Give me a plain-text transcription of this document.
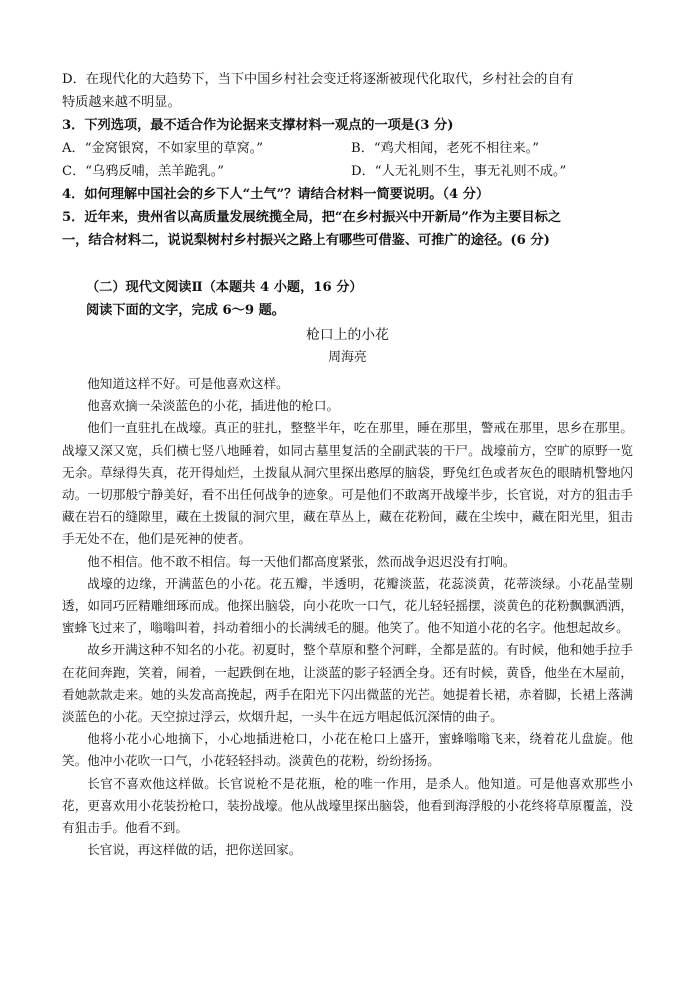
D．在现代化的大趋势下，当下中国乡村社会变迁将逐渐被现代化取代，乡村社会的自有
特质越来越不明显。
3．下列选项，最不适合作为论据来支撑材料一观点的一项是(3 分)
A．“金窝银窝，不如家里的草窝。”	B．“鸡犬相闻，老死不相往来。”
C．“乌鸦反哺，羔羊跪乳。”	D．“人无礼则不生，事无礼则不成。”
4．如何理解中国社会的乡下人“土气”？请结合材料一简要说明。（4 分）
5．近年来，贵州省以高质量发展统揽全局，把“在乡村振兴中开新局”作为主要目标之
一，结合材料二，说说梨树村乡村振兴之路上有哪些可借鉴、可推广的途径。(6 分)
（二）现代文阅读Ⅱ（本题共 4 小题，16 分）
阅读下面的文字，完成 6～9 题。
枪口上的小花
周海亮

他知道这样不好。可是他喜欢这样。

他喜欢摘一朵淡蓝色的小花，插进他的枪口。

他们一直驻扎在战壕。真正的驻扎，整整半年，吃在那里，睡在那里，警戒在那里，思乡在那里。战壕又深又宽，兵们横七竖八地睡着，如同古墓里复活的全副武装的干尸。战壕前方，空旷的原野一览无余。草绿得失真，花开得灿烂，土拨鼠从洞穴里探出憨厚的脑袋，野兔红色或者灰色的眼睛机警地闪动。一切那般宁静美好，看不出任何战争的迹象。可是他们不敢离开战壕半步，长官说，对方的狙击手藏在岩石的缝隙里，藏在土拨鼠的洞穴里，藏在草丛上，藏在花粉间，藏在尘埃中，藏在阳光里，狙击手无处不在，他们是死神的使者。

他不相信。他不敢不相信。每一天他们都高度紧张，然而战争迟迟没有打响。

战壕的边缘，开满蓝色的小花。花五瓣，半透明，花瓣淡蓝，花蕊淡黄，花蒂淡绿。小花晶莹剔透，如同巧匠精雕细琢而成。他探出脑袋，向小花吹一口气，花儿轻轻摇摆，淡黄色的花粉飘飘洒洒，蜜蜂飞过来了，嗡嗡叫着，抖动着细小的长满绒毛的腿。他笑了。他不知道小花的名字。他想起故乡。

故乡开满这种不知名的小花。初夏时，整个草原和整个河畔，全都是蓝的。有时候，他和她手拉手在花间奔跑，笑着，闹着，一起跌倒在地，让淡蓝的影子轻洒全身。还有时候，黄昏，他坐在木屋前，看她款款走来。她的头发高高挽起，两手在阳光下闪出微蓝的光芒。她提着长裙，赤着脚，长裙上落满淡蓝色的小花。天空掠过浮云，炊烟升起，一头牛在远方唱起低沉深情的曲子。

他将小花小心地摘下，小心地插进枪口，小花在枪口上盛开，蜜蜂嗡嗡飞来，绕着花儿盘旋。他笑。他冲小花吹一口气，小花轻轻抖动。淡黄色的花粉，纷纷扬扬。

长官不喜欢他这样做。长官说枪不是花瓶，枪的唯一作用，是杀人。他知道。可是他喜欢那些小花，更喜欢用小花装扮枪口，装扮战壕。他从战壕里探出脑袋，他看到海浮般的小花终将草原覆盖，没有狙击手。他看不到。

长官说，再这样做的话，把你送回家。
